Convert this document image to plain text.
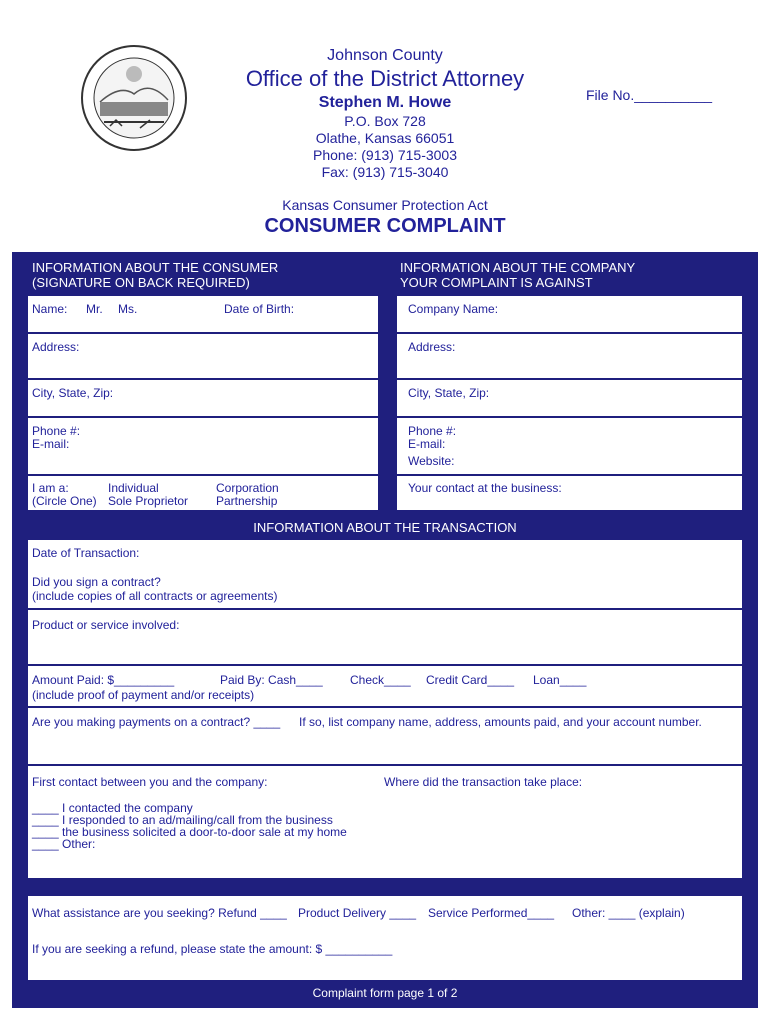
Johnson County
Office of the District Attorney
Stephen M. Howe
P.O. Box 728
Olathe, Kansas 66051
Phone: (913) 715-3003
Fax: (913) 715-3040
File No.__________
Kansas Consumer Protection Act
CONSUMER COMPLAINT
INFORMATION ABOUT THE CONSUMER
(SIGNATURE ON BACK REQUIRED)
INFORMATION ABOUT THE COMPANY
YOUR COMPLAINT IS AGAINST
Name: Mr. Ms.	Date of Birth:
Address:
City, State, Zip:
Phone #:
E-mail:
I am a:
(Circle One)
Individual
Sole Proprietor
Corporation
Partnership
Company Name:
Address:
City, State, Zip:
Phone #:
E-mail:
Website:
Your contact at the business:
INFORMATION ABOUT THE TRANSACTION
Date of Transaction:
Did you sign a contract?
(include copies of all contracts or agreements)
Product or service involved:
Amount Paid: $_________	Paid By: Cash____ Check____ Credit Card____ Loan____
(include proof of payment and/or receipts)
Are you making payments on a contract? ____ If so, list company name, address, amounts paid, and your account number.
First contact between you and the company:	Where did the transaction take place:
____ I contacted the company
____ I responded to an ad/mailing/call from the business
____ the business solicited a door-to-door sale at my home
____ Other:
What assistance are you seeking? Refund ____ Product Delivery ____ Service Performed____ Other: ____ (explain)
If you are seeking a refund, please state the amount: $ __________
Complaint form page 1 of 2
